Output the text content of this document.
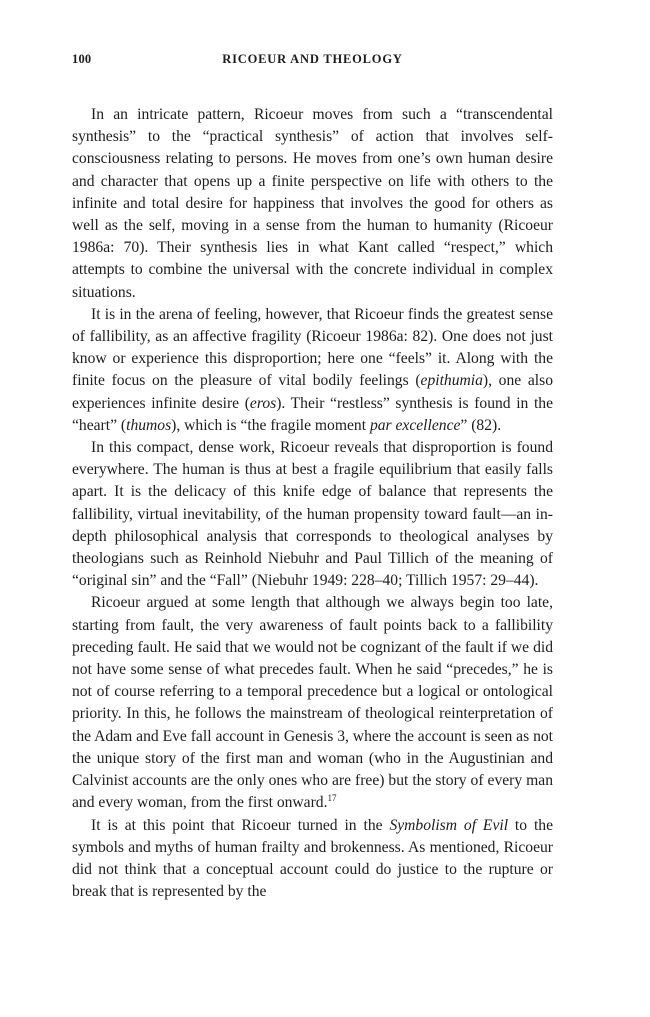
100	RICOEUR AND THEOLOGY

In an intricate pattern, Ricoeur moves from such a “transcendental synthesis” to the “practical synthesis” of action that involves self-consciousness relating to persons. He moves from one’s own human desire and character that opens up a finite perspective on life with others to the infinite and total desire for happiness that involves the good for others as well as the self, moving in a sense from the human to humanity (Ricoeur 1986a: 70). Their synthesis lies in what Kant called “respect,” which attempts to combine the universal with the concrete individual in complex situations.

It is in the arena of feeling, however, that Ricoeur finds the greatest sense of fallibility, as an affective fragility (Ricoeur 1986a: 82). One does not just know or experience this disproportion; here one “feels” it. Along with the finite focus on the pleasure of vital bodily feelings (epithumia), one also experiences infinite desire (eros). Their “restless” synthesis is found in the “heart” (thumos), which is “the fragile moment par excellence” (82).

In this compact, dense work, Ricoeur reveals that disproportion is found everywhere. The human is thus at best a fragile equilibrium that easily falls apart. It is the delicacy of this knife edge of balance that represents the fallibility, virtual inevitability, of the human propensity toward fault—an in-depth philosophical analysis that corresponds to theological analyses by theologians such as Reinhold Niebuhr and Paul Tillich of the meaning of “original sin” and the “Fall” (Niebuhr 1949: 228–40; Tillich 1957: 29–44).

Ricoeur argued at some length that although we always begin too late, starting from fault, the very awareness of fault points back to a fallibility preceding fault. He said that we would not be cognizant of the fault if we did not have some sense of what precedes fault. When he said “precedes,” he is not of course referring to a temporal precedence but a logical or ontological priority. In this, he follows the mainstream of theological reinterpretation of the Adam and Eve fall account in Genesis 3, where the account is seen as not the unique story of the first man and woman (who in the Augustinian and Calvinist accounts are the only ones who are free) but the story of every man and every woman, from the first onward.$^{17}$

It is at this point that Ricoeur turned in the Symbolism of Evil to the symbols and myths of human frailty and brokenness. As mentioned, Ricoeur did not think that a conceptual account could do justice to the rupture or break that is represented by the
